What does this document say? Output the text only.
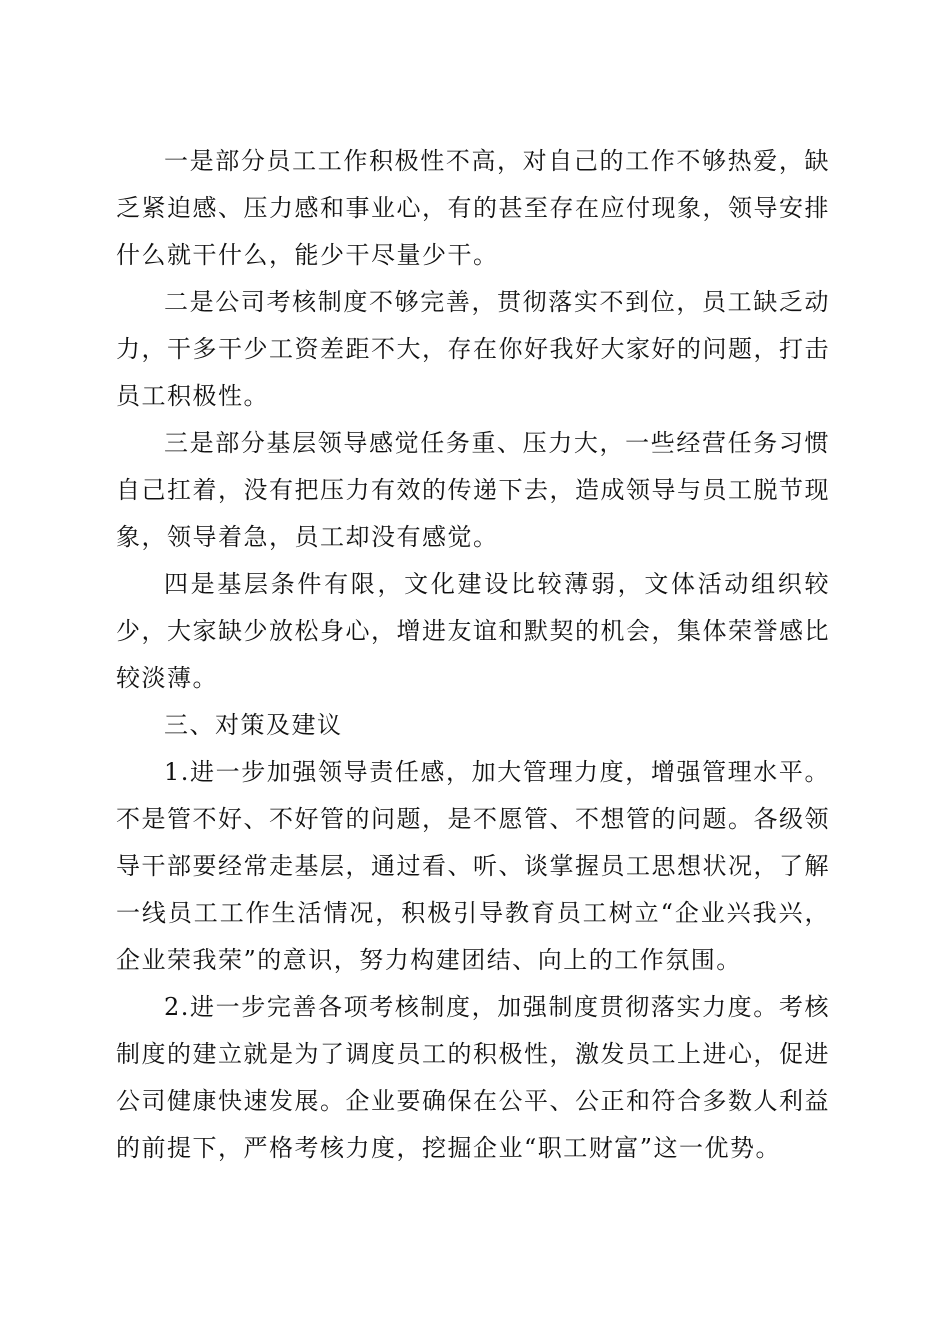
一是部分员工工作积极性不高，对自己的工作不够热爱，缺乏紧迫感、压力感和事业心，有的甚至存在应付现象，领导安排什么就干什么，能少干尽量少干。

二是公司考核制度不够完善，贯彻落实不到位，员工缺乏动力，干多干少工资差距不大，存在你好我好大家好的问题，打击员工积极性。

三是部分基层领导感觉任务重、压力大，一些经营任务习惯自己扛着，没有把压力有效的传递下去，造成领导与员工脱节现象，领导着急，员工却没有感觉。

四是基层条件有限，文化建设比较薄弱，文体活动组织较少，大家缺少放松身心，增进友谊和默契的机会，集体荣誉感比较淡薄。

三、对策及建议

1.进一步加强领导责任感，加大管理力度，增强管理水平。不是管不好、不好管的问题，是不愿管、不想管的问题。各级领导干部要经常走基层，通过看、听、谈掌握员工思想状况，了解一线员工工作生活情况，积极引导教育员工树立“企业兴我兴，企业荣我荣”的意识，努力构建团结、向上的工作氛围。

2.进一步完善各项考核制度，加强制度贯彻落实力度。考核制度的建立就是为了调度员工的积极性，激发员工上进心，促进公司健康快速发展。企业要确保在公平、公正和符合多数人利益的前提下，严格考核力度，挖掘企业“职工财富”这一优势。
